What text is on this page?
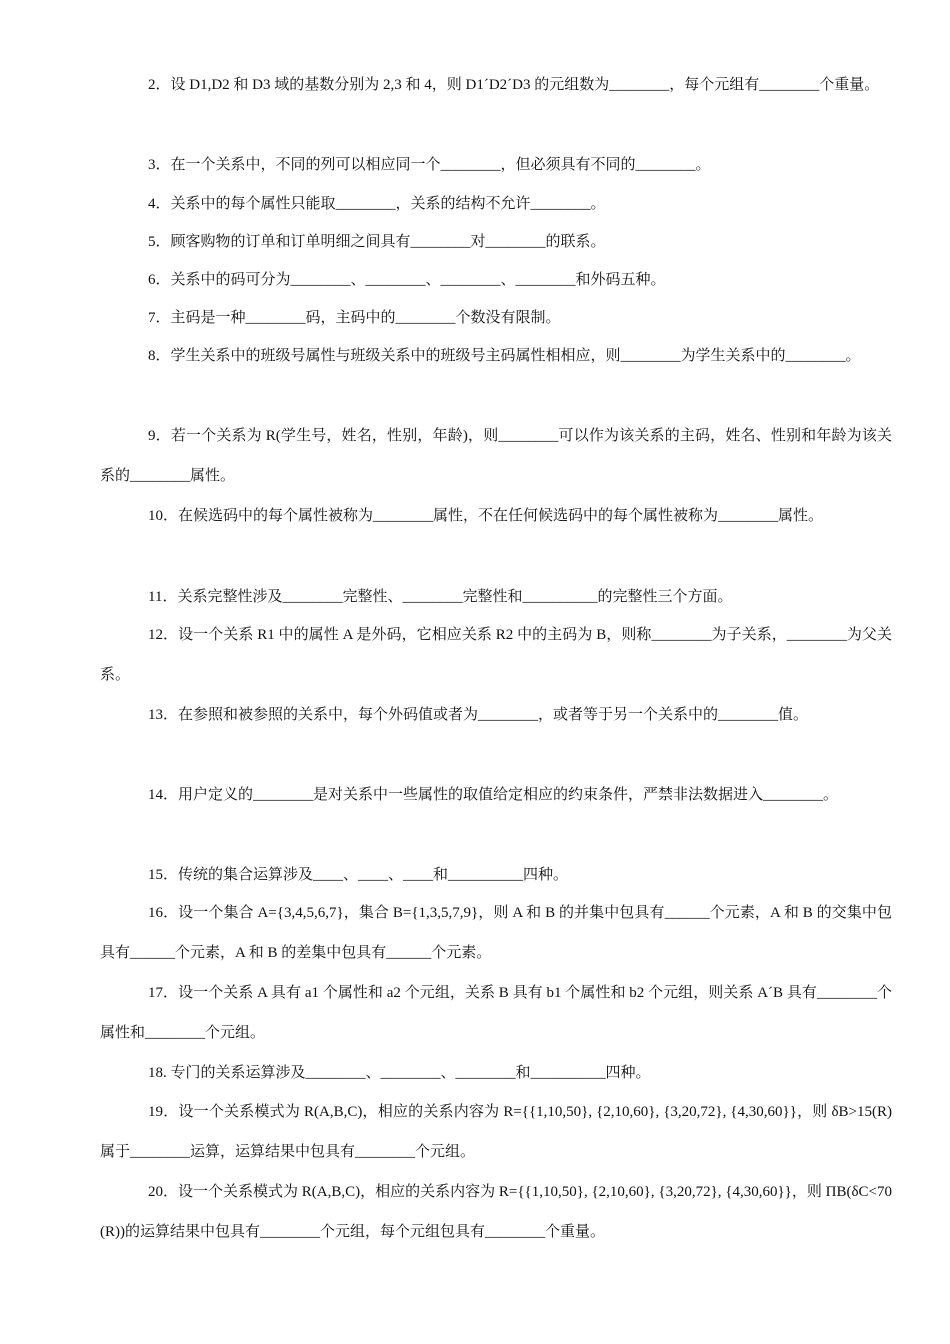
2．设 D1,D2 和 D3 域的基数分别为 2,3 和 4，则 D1´D2´D3 的元组数为________，每个元组有________个重量。

3．在一个关系中，不同的列可以相应同一个________，但必须具有不同的________。

4．关系中的每个属性只能取________，关系的结构不允许________。

5．顾客购物的订单和订单明细之间具有________对________的联系。

6．关系中的码可分为________、________、________、________和外码五种。

7．主码是一种________码，主码中的________个数没有限制。

8．学生关系中的班级号属性与班级关系中的班级号主码属性相相应，则________为学生关系中的________。

9．若一个关系为 R(学生号，姓名，性别，年龄)，则________可以作为该关系的主码，姓名、性别和年龄为该关系的________属性。

10．在候选码中的每个属性被称为________属性，不在任何候选码中的每个属性被称为________属性。

11．关系完整性涉及________完整性、________完整性和__________的完整性三个方面。

12．设一个关系 R1 中的属性 A 是外码，它相应关系 R2 中的主码为 B，则称________为子关系，________为父关系。

13．在参照和被参照的关系中，每个外码值或者为________，或者等于另一个关系中的________值。

14．用户定义的________是对关系中一些属性的取值给定相应的约束条件，严禁非法数据进入________。

15．传统的集合运算涉及____、____、____和__________四种。

16．设一个集合 A={3,4,5,6,7}，集合 B={1,3,5,7,9}，则 A 和 B 的并集中包具有______个元素，A 和 B 的交集中包具有______个元素，A 和 B 的差集中包具有______个元素。

17．设一个关系 A 具有 a1 个属性和 a2 个元组，关系 B 具有 b1 个属性和 b2 个元组，则关系 A´B 具有________个属性和________个元组。

18. 专门的关系运算涉及________、________、________和__________四种。

19．设一个关系模式为 R(A,B,C)，相应的关系内容为 R={{1,10,50}, {2,10,60}, {3,20,72}, {4,30,60}}，则 δB>15(R)属于________运算，运算结果中包具有________个元组。

20．设一个关系模式为 R(A,B,C)，相应的关系内容为 R={{1,10,50}, {2,10,60}, {3,20,72}, {4,30,60}}，则 ΠB(δC<70(R))的运算结果中包具有________个元组，每个元组包具有________个重量。
